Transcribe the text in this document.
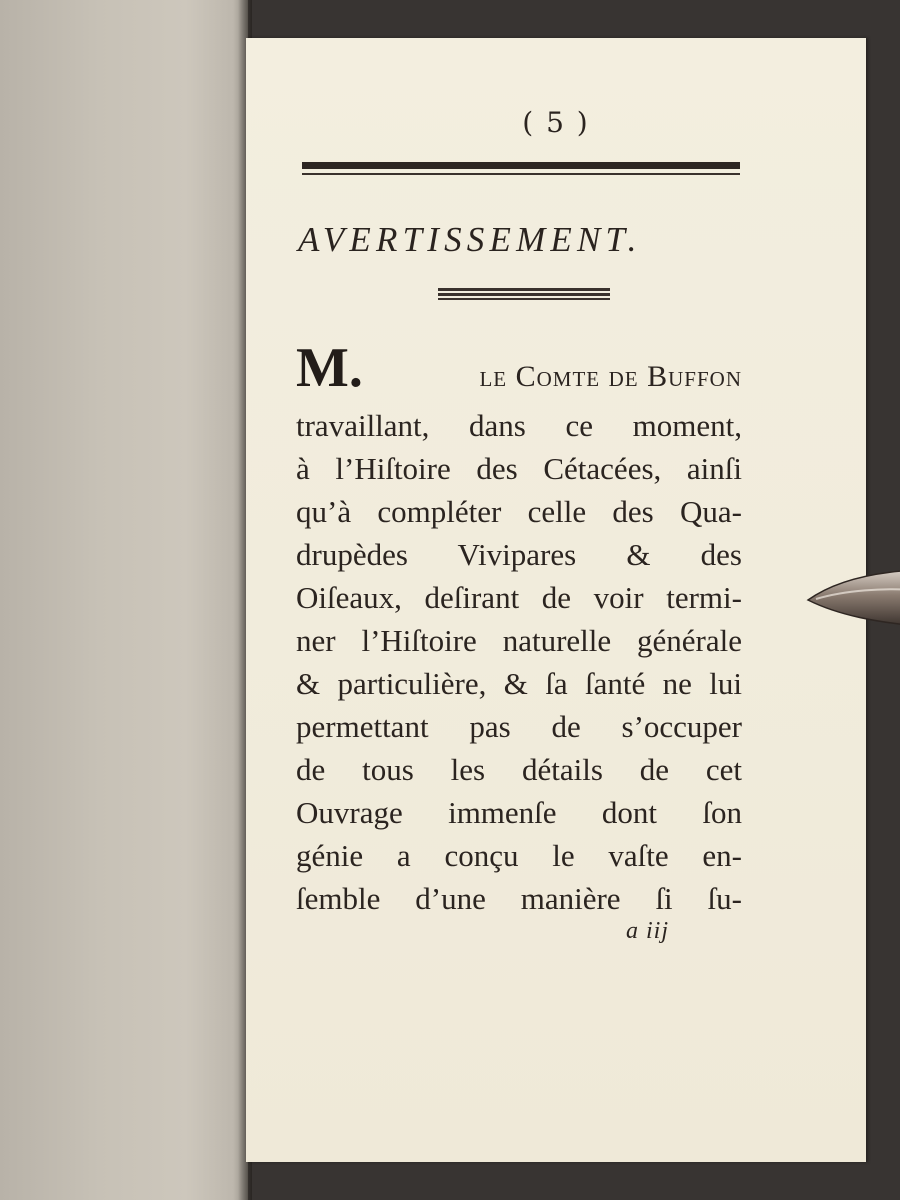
( 5 )
AVERTISSEMENT.
M.	le Comte de Buffon
travaillant, dans ce moment,
à l’Hiſtoire des Cétacées, ainſi
qu’à compléter celle des Qua-
drupèdes Vivipares & des
Oiſeaux, deſirant de voir termi-
ner l’Hiſtoire naturelle générale
& particulière, & ſa ſanté ne lui
permettant pas de s’occuper
de tous les détails de cet
Ouvrage immenſe dont ſon
génie a conçu le vaſte en-
ſemble d’une manière ſi ſu-
a iij
